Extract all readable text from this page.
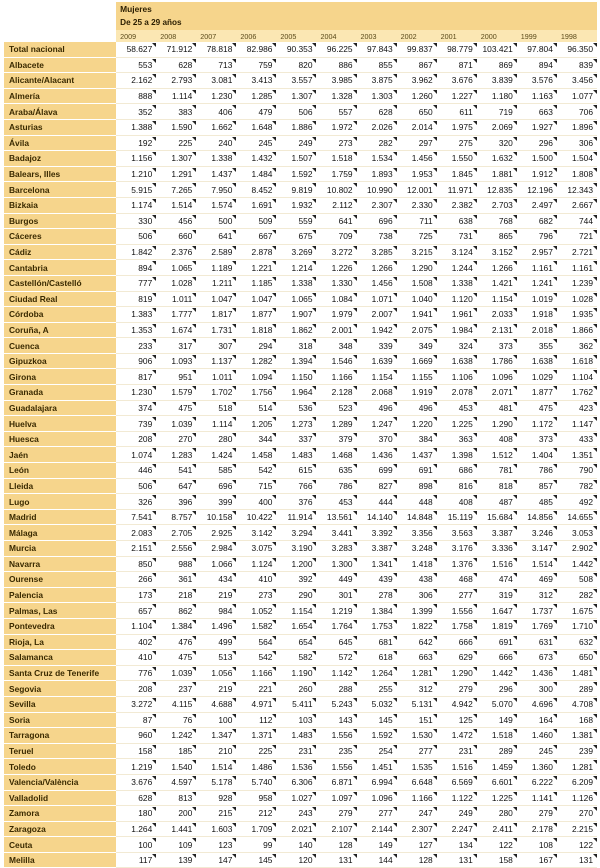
	Mujeres											
	De 25 a 29 años											
	2009	2008	2007	2006	2005	2004	2003	2002	2001	2000	1999	1998
Total nacional	58.627	71.912	78.818	82.986	90.353	96.225	97.843	99.837	98.779	103.421	97.804	96.350
Albacete	553	628	713	759	820	886	855	867	871	869	894	839
Alicante/Alacant	2.162	2.793	3.081	3.413	3.557	3.985	3.875	3.962	3.676	3.839	3.576	3.456
Almería	888	1.114	1.230	1.285	1.307	1.328	1.303	1.260	1.227	1.180	1.163	1.077
Araba/Álava	352	383	406	479	506	557	628	650	611	719	663	706
Asturias	1.388	1.590	1.662	1.648	1.886	1.972	2.026	2.014	1.975	2.069	1.927	1.896
Ávila	192	225	240	245	249	273	282	297	275	320	296	306
Badajoz	1.156	1.307	1.338	1.432	1.507	1.518	1.534	1.456	1.550	1.632	1.500	1.504
Balears, Illes	1.210	1.291	1.437	1.484	1.592	1.759	1.893	1.953	1.845	1.881	1.912	1.808
Barcelona	5.915	7.265	7.950	8.452	9.819	10.802	10.990	12.001	11.971	12.835	12.196	12.343
Bizkaia	1.174	1.514	1.574	1.691	1.932	2.112	2.307	2.330	2.382	2.703	2.497	2.667
Burgos	330	456	500	509	559	641	696	711	638	768	682	744
Cáceres	506	660	641	667	675	709	738	725	731	865	796	721
Cádiz	1.842	2.376	2.589	2.878	3.269	3.272	3.285	3.215	3.124	3.152	2.957	2.721
Cantabria	894	1.065	1.189	1.221	1.214	1.226	1.266	1.290	1.244	1.266	1.161	1.161
Castellón/Castelló	777	1.028	1.211	1.185	1.338	1.330	1.456	1.508	1.338	1.421	1.241	1.239
Ciudad Real	819	1.011	1.047	1.047	1.065	1.084	1.071	1.040	1.120	1.154	1.019	1.028
Córdoba	1.383	1.777	1.817	1.877	1.907	1.979	2.007	1.941	1.961	2.033	1.918	1.935
Coruña, A	1.353	1.674	1.731	1.818	1.862	2.001	1.942	2.075	1.984	2.131	2.018	1.866
Cuenca	233	317	307	294	318	348	339	349	324	373	355	362
Gipuzkoa	906	1.093	1.137	1.282	1.394	1.546	1.639	1.669	1.638	1.786	1.638	1.618
Girona	817	951	1.011	1.094	1.150	1.166	1.154	1.155	1.106	1.096	1.029	1.104
Granada	1.230	1.579	1.702	1.756	1.964	2.128	2.068	1.919	2.078	2.071	1.877	1.762
Guadalajara	374	475	518	514	536	523	496	496	453	481	475	423
Huelva	739	1.039	1.114	1.205	1.273	1.289	1.247	1.220	1.225	1.290	1.172	1.147
Huesca	208	270	280	344	337	379	370	384	363	408	373	433
Jaén	1.074	1.283	1.424	1.458	1.483	1.468	1.436	1.437	1.398	1.512	1.404	1.351
León	446	541	585	542	615	635	699	691	686	781	786	790
Lleida	506	647	696	715	766	786	827	898	816	818	857	782
Lugo	326	396	399	400	376	453	444	448	408	487	485	492
Madrid	7.541	8.757	10.158	10.422	11.914	13.561	14.140	14.848	15.119	15.684	14.856	14.655
Málaga	2.083	2.705	2.925	3.142	3.294	3.441	3.392	3.356	3.563	3.387	3.246	3.053
Murcia	2.151	2.556	2.984	3.075	3.190	3.283	3.387	3.248	3.176	3.336	3.147	2.902
Navarra	850	988	1.066	1.124	1.200	1.300	1.341	1.418	1.376	1.516	1.514	1.442
Ourense	266	361	434	410	392	449	439	438	468	474	469	508
Palencia	173	218	219	273	290	301	278	306	277	319	312	282
Palmas, Las	657	862	984	1.052	1.154	1.219	1.384	1.399	1.556	1.647	1.737	1.675
Pontevedra	1.104	1.384	1.496	1.582	1.654	1.764	1.753	1.822	1.758	1.819	1.769	1.710
Rioja, La	402	476	499	564	654	645	681	642	666	691	631	632
Salamanca	410	475	513	542	582	572	618	663	629	666	673	650
Santa Cruz de Tenerife	776	1.039	1.056	1.166	1.190	1.142	1.264	1.281	1.290	1.442	1.436	1.481
Segovia	208	237	219	221	260	288	255	312	279	296	300	289
Sevilla	3.272	4.115	4.688	4.971	5.411	5.243	5.032	5.131	4.942	5.070	4.696	4.708
Soria	87	76	100	112	103	143	145	151	125	149	164	168
Tarragona	960	1.242	1.347	1.371	1.483	1.556	1.592	1.530	1.472	1.518	1.460	1.381
Teruel	158	185	210	225	231	235	254	277	231	289	245	239
Toledo	1.219	1.540	1.514	1.486	1.536	1.556	1.451	1.535	1.516	1.459	1.360	1.281
Valencia/València	3.676	4.597	5.178	5.740	6.306	6.871	6.994	6.648	6.569	6.601	6.222	6.209
Valladolid	628	813	928	958	1.027	1.097	1.096	1.166	1.122	1.225	1.141	1.126
Zamora	180	200	215	212	243	279	277	247	249	280	279	270
Zaragoza	1.264	1.441	1.603	1.709	2.021	2.107	2.144	2.307	2.247	2.411	2.178	2.215
Ceuta	100	109	123	99	140	128	149	127	134	122	108	122
Melilla	117	139	147	145	120	131	144	128	131	158	167	131
